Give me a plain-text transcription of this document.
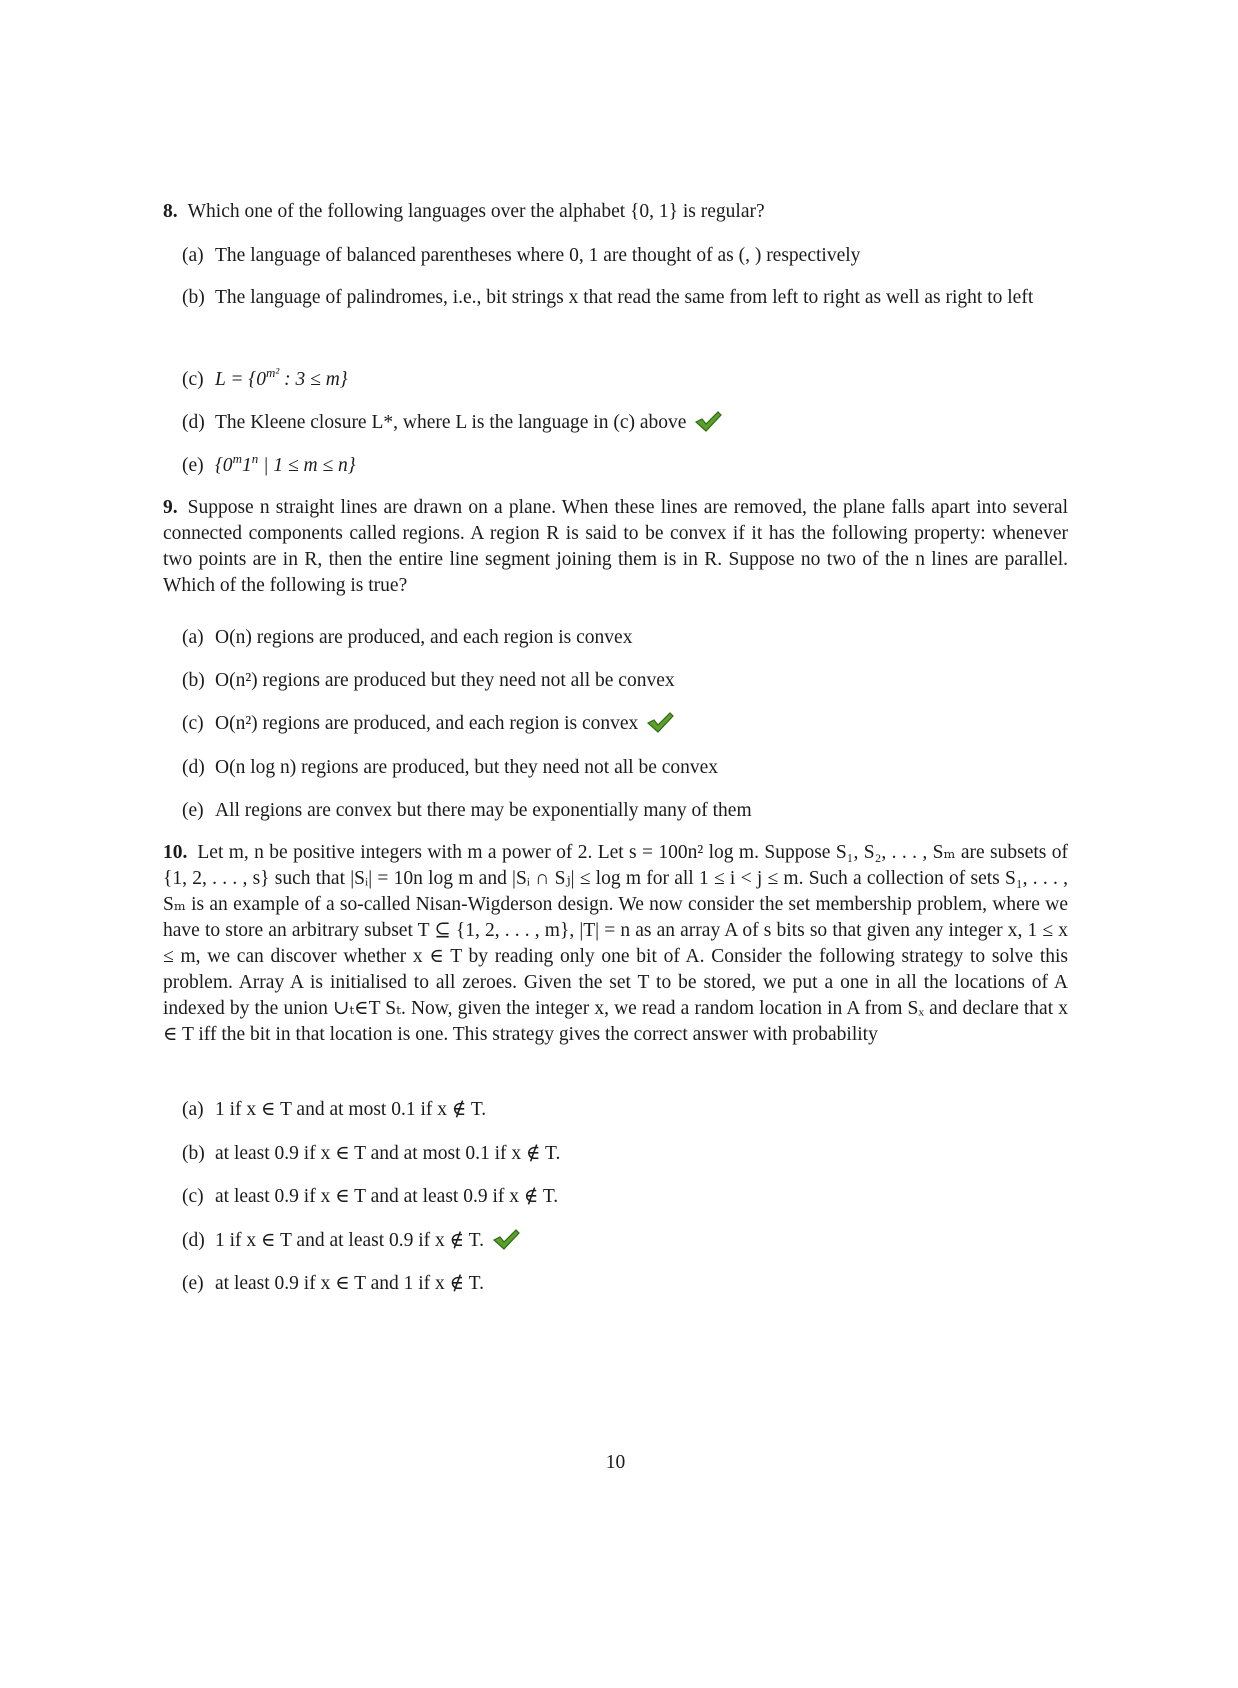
8. Which one of the following languages over the alphabet {0, 1} is regular?

(a) The language of balanced parentheses where 0, 1 are thought of as (, ) respectively

(b) The language of palindromes, i.e., bit strings x that read the same from left to right as well as right to left

(c) $L = \{0^{m^2}$ : 3 ≤ m}

(d) The Kleene closure L*, where L is the language in (c) above

(e) {0$^m$1$^n$ | 1 ≤ m ≤ n}

9. Suppose n straight lines are drawn on a plane. When these lines are removed, the plane falls apart into several connected components called regions. A region R is said to be convex if it has the following property: whenever two points are in R, then the entire line segment joining them is in R. Suppose no two of the n lines are parallel. Which of the following is true?

(a) O(n) regions are produced, and each region is convex

(b) O(n²) regions are produced but they need not all be convex

(c) O(n²) regions are produced, and each region is convex

(d) O(n log n) regions are produced, but they need not all be convex

(e) All regions are convex but there may be exponentially many of them

10. Let m, n be positive integers with m a power of 2. Let s = 100n² log m. Suppose S₁, S₂, . . . , Sₘ are subsets of {1, 2, . . . , s} such that |Sᵢ| = 10n log m and |Sᵢ ∩ Sⱼ| ≤ log m for all 1 ≤ i < j ≤ m. Such a collection of sets S₁, . . . , Sₘ is an example of a so-called Nisan-Wigderson design. We now consider the set membership problem, where we have to store an arbitrary subset T ⊆ {1, 2, . . . , m}, |T| = n as an array A of s bits so that given any integer x, 1 ≤ x ≤ m, we can discover whether x ∈ T by reading only one bit of A. Consider the following strategy to solve this problem. Array A is initialised to all zeroes. Given the set T to be stored, we put a one in all the locations of A indexed by the union ∪ₜ∈T Sₜ. Now, given the integer x, we read a random location in A from Sₓ and declare that x ∈ T iff the bit in that location is one. This strategy gives the correct answer with probability

(a) 1 if x ∈ T and at most 0.1 if x ∉ T.

(b) at least 0.9 if x ∈ T and at most 0.1 if x ∉ T.

(c) at least 0.9 if x ∈ T and at least 0.9 if x ∉ T.

(d) 1 if x ∈ T and at least 0.9 if x ∉ T.

(e) at least 0.9 if x ∈ T and 1 if x ∉ T.

10
